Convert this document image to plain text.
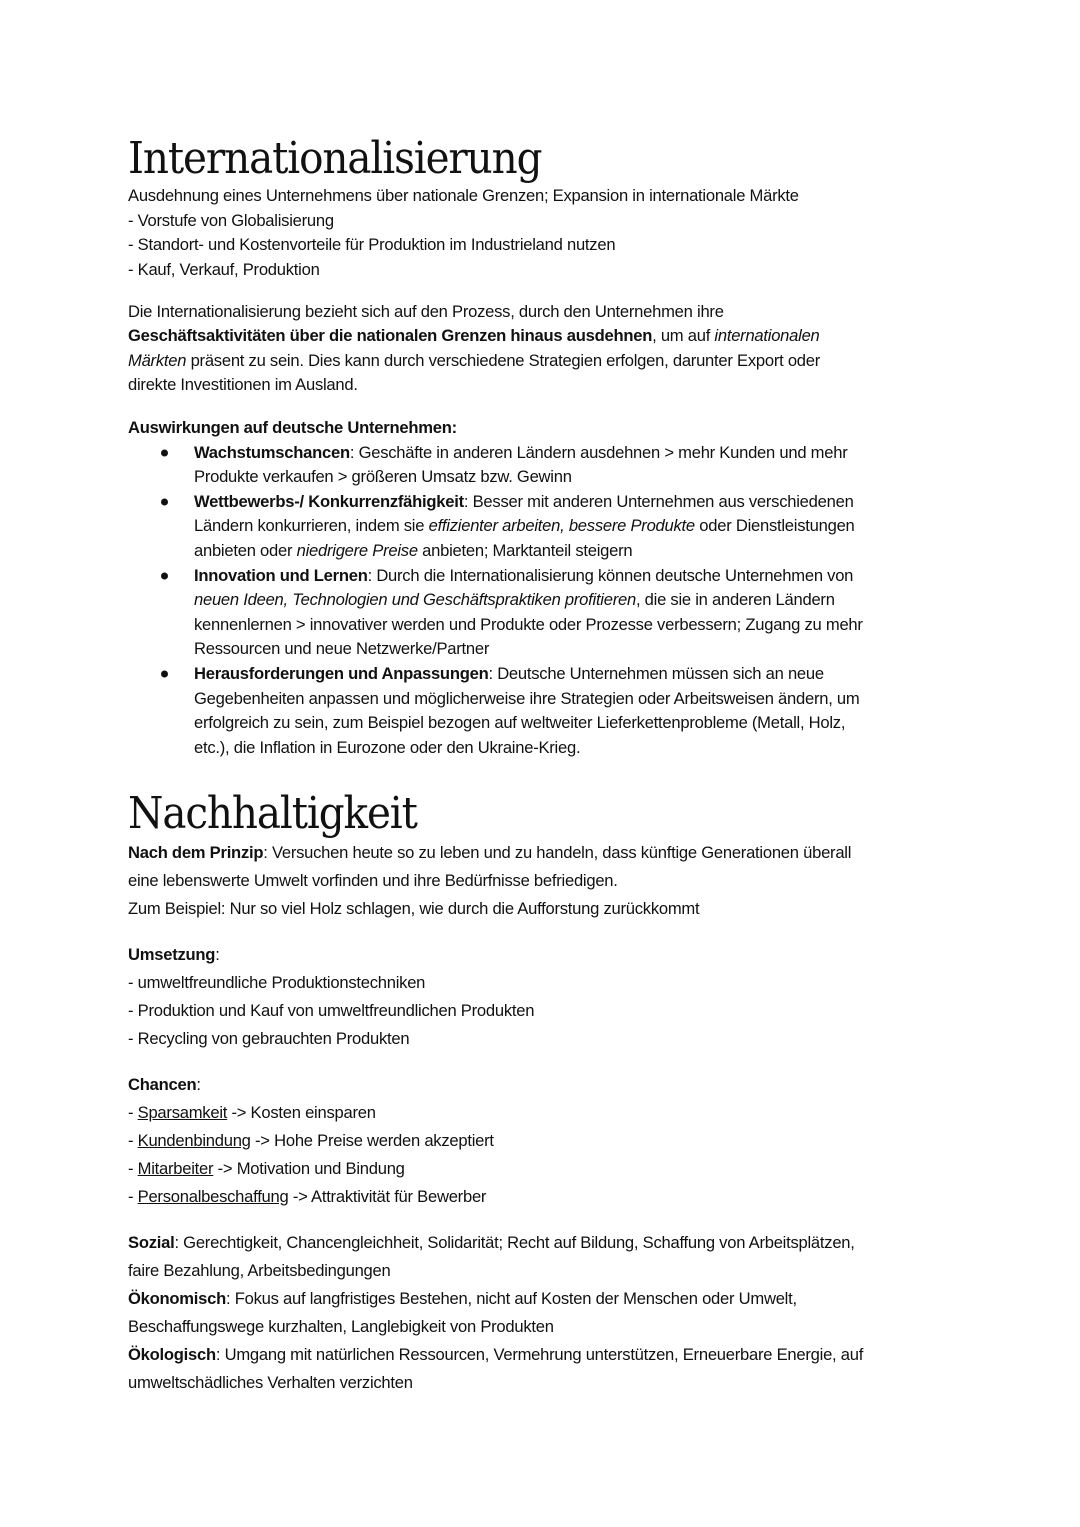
Internationalisierung
Ausdehnung eines Unternehmens über nationale Grenzen; Expansion in internationale Märkte
- Vorstufe von Globalisierung
- Standort- und Kostenvorteile für Produktion im Industrieland nutzen
- Kauf, Verkauf, Produktion
Die Internationalisierung bezieht sich auf den Prozess, durch den Unternehmen ihre
Geschäftsaktivitäten über die nationalen Grenzen hinaus ausdehnen, um auf internationalen
Märkten präsent zu sein. Dies kann durch verschiedene Strategien erfolgen, darunter Export oder
direkte Investitionen im Ausland.
Auswirkungen auf deutsche Unternehmen:
Wachstumschancen: Geschäfte in anderen Ländern ausdehnen > mehr Kunden und mehr
Produkte verkaufen > größeren Umsatz bzw. Gewinn
Wettbewerbs-/ Konkurrenzfähigkeit: Besser mit anderen Unternehmen aus verschiedenen
Ländern konkurrieren, indem sie effizienter arbeiten, bessere Produkte oder Dienstleistungen
anbieten oder niedrigere Preise anbieten; Marktanteil steigern
Innovation und Lernen: Durch die Internationalisierung können deutsche Unternehmen von
neuen Ideen, Technologien und Geschäftspraktiken profitieren, die sie in anderen Ländern
kennenlernen > innovativer werden und Produkte oder Prozesse verbessern; Zugang zu mehr
Ressourcen und neue Netzwerke/Partner
Herausforderungen und Anpassungen: Deutsche Unternehmen müssen sich an neue
Gegebenheiten anpassen und möglicherweise ihre Strategien oder Arbeitsweisen ändern, um
erfolgreich zu sein, zum Beispiel bezogen auf weltweiter Lieferkettenprobleme (Metall, Holz,
etc.), die Inflation in Eurozone oder den Ukraine-Krieg.
Nachhaltigkeit
Nach dem Prinzip: Versuchen heute so zu leben und zu handeln, dass künftige Generationen überall
eine lebenswerte Umwelt vorfinden und ihre Bedürfnisse befriedigen.
Zum Beispiel: Nur so viel Holz schlagen, wie durch die Aufforstung zurückkommt
Umsetzung:
- umweltfreundliche Produktionstechniken
- Produktion und Kauf von umweltfreundlichen Produkten
- Recycling von gebrauchten Produkten
Chancen:
- Sparsamkeit -> Kosten einsparen
- Kundenbindung -> Hohe Preise werden akzeptiert
- Mitarbeiter -> Motivation und Bindung
- Personalbeschaffung -> Attraktivität für Bewerber
Sozial: Gerechtigkeit, Chancengleichheit, Solidarität; Recht auf Bildung, Schaffung von Arbeitsplätzen,
faire Bezahlung, Arbeitsbedingungen
Ökonomisch: Fokus auf langfristiges Bestehen, nicht auf Kosten der Menschen oder Umwelt,
Beschaffungswege kurzhalten, Langlebigkeit von Produkten
Ökologisch: Umgang mit natürlichen Ressourcen, Vermehrung unterstützen, Erneuerbare Energie, auf
umweltschädliches Verhalten verzichten
